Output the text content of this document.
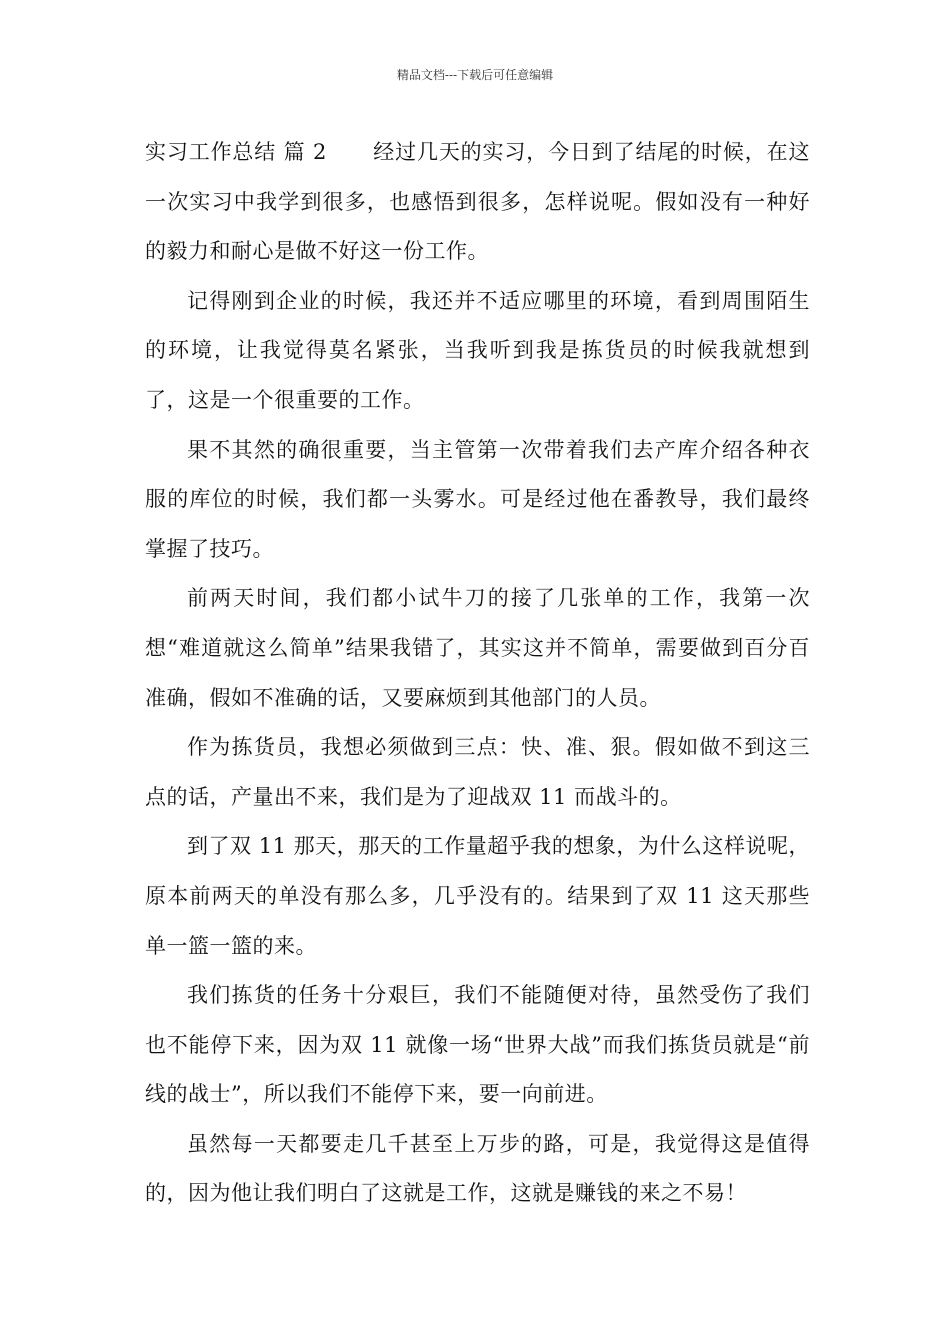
精品文档---下载后可任意编辑

实习工作总结 篇 2 经过几天的实习，今日到了结尾的时候，在这一次实习中我学到很多，也感悟到很多，怎样说呢。假如没有一种好的毅力和耐心是做不好这一份工作。

记得刚到企业的时候，我还并不适应哪里的环境，看到周围陌生的环境，让我觉得莫名紧张，当我听到我是拣货员的时候我就想到了，这是一个很重要的工作。

果不其然的确很重要，当主管第一次带着我们去产库介绍各种衣服的库位的时候，我们都一头雾水。可是经过他在番教导，我们最终掌握了技巧。

前两天时间，我们都小试牛刀的接了几张单的工作，我第一次想“难道就这么简单”结果我错了，其实这并不简单，需要做到百分百准确，假如不准确的话，又要麻烦到其他部门的人员。

作为拣货员，我想必须做到三点：快、准、狠。假如做不到这三点的话，产量出不来，我们是为了迎战双 11 而战斗的。

到了双 11 那天，那天的工作量超乎我的想象，为什么这样说呢，原本前两天的单没有那么多，几乎没有的。结果到了双 11 这天那些单一篮一篮的来。

我们拣货的任务十分艰巨，我们不能随便对待，虽然受伤了我们也不能停下来，因为双 11 就像一场“世界大战”而我们拣货员就是“前线的战士”，所以我们不能停下来，要一向前进。

虽然每一天都要走几千甚至上万步的路，可是，我觉得这是值得的，因为他让我们明白了这就是工作，这就是赚钱的来之不易！
